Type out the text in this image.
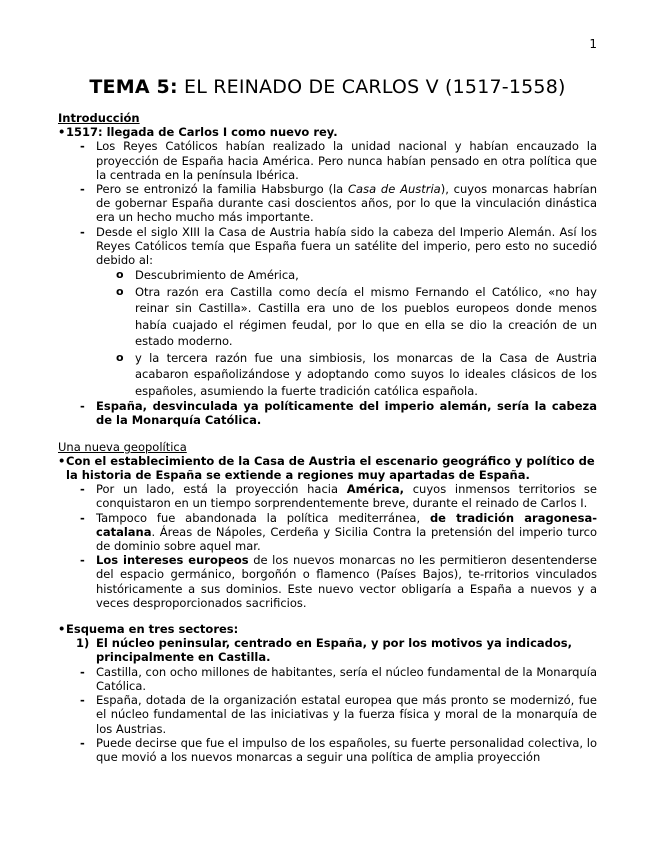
1
TEMA 5: EL REINADO DE CARLOS V (1517-1558)
Introducción
• 1517: llegada de Carlos I como nuevo rey.
- Los Reyes Católicos habían realizado la unidad nacional y habían encauzado la proyección de España hacia América. Pero nunca habían pensado en otra política que la centrada en la península Ibérica.
- Pero se entronizó la familia Habsburgo (la Casa de Austria), cuyos monarcas habrían de gobernar España durante casi doscientos años, por lo que la vinculación dinástica era un hecho mucho más importante.
- Desde el siglo XIII la Casa de Austria había sido la cabeza del Imperio Alemán. Así los Reyes Católicos temía que España fuera un satélite del imperio, pero esto no sucedió debido al:
o Descubrimiento de América,
o Otra razón era Castilla como decía el mismo Fernando el Católico, «no hay reinar sin Castilla». Castilla era uno de los pueblos europeos donde menos había cuajado el régimen feudal, por lo que en ella se dio la creación de un estado moderno.
o y la tercera razón fue una simbiosis, los monarcas de la Casa de Austria acabaron españolizándose y adoptando como suyos lo ideales clásicos de los españoles, asumiendo la fuerte tradición católica española.
- España, desvinculada ya políticamente del imperio alemán, sería la cabeza de la Monarquía Católica.
Una nueva geopolítica
• Con el establecimiento de la Casa de Austria el escenario geográfico y político de la historia de España se extiende a regiones muy apartadas de España.
- Por un lado, está la proyección hacia América, cuyos inmensos territorios se conquistaron en un tiempo sorprendentemente breve, durante el reinado de Carlos I.
- Tampoco fue abandonada la política mediterránea, de tradición aragonesa-catalana. Áreas de Nápoles, Cerdeña y Sicilia Contra la pretensión del imperio turco de dominio sobre aquel mar.
- Los intereses europeos de los nuevos monarcas no les permitieron desentenderse del espacio germánico, borgoñón o flamenco (Países Bajos), te-rritorios vinculados históricamente a sus dominios. Este nuevo vector obligaría a España a nuevos y a veces desproporcionados sacrificios.
• Esquema en tres sectores:
1) El núcleo peninsular, centrado en España, y por los motivos ya indicados, principalmente en Castilla.
- Castilla, con ocho millones de habitantes, sería el núcleo fundamental de la Monarquía Católica.
- España, dotada de la organización estatal europea que más pronto se modernizó, fue el núcleo fundamental de las iniciativas y la fuerza física y moral de la monarquía de los Austrias.
- Puede decirse que fue el impulso de los españoles, su fuerte personalidad colectiva, lo que movió a los nuevos monarcas a seguir una política de amplia proyección
